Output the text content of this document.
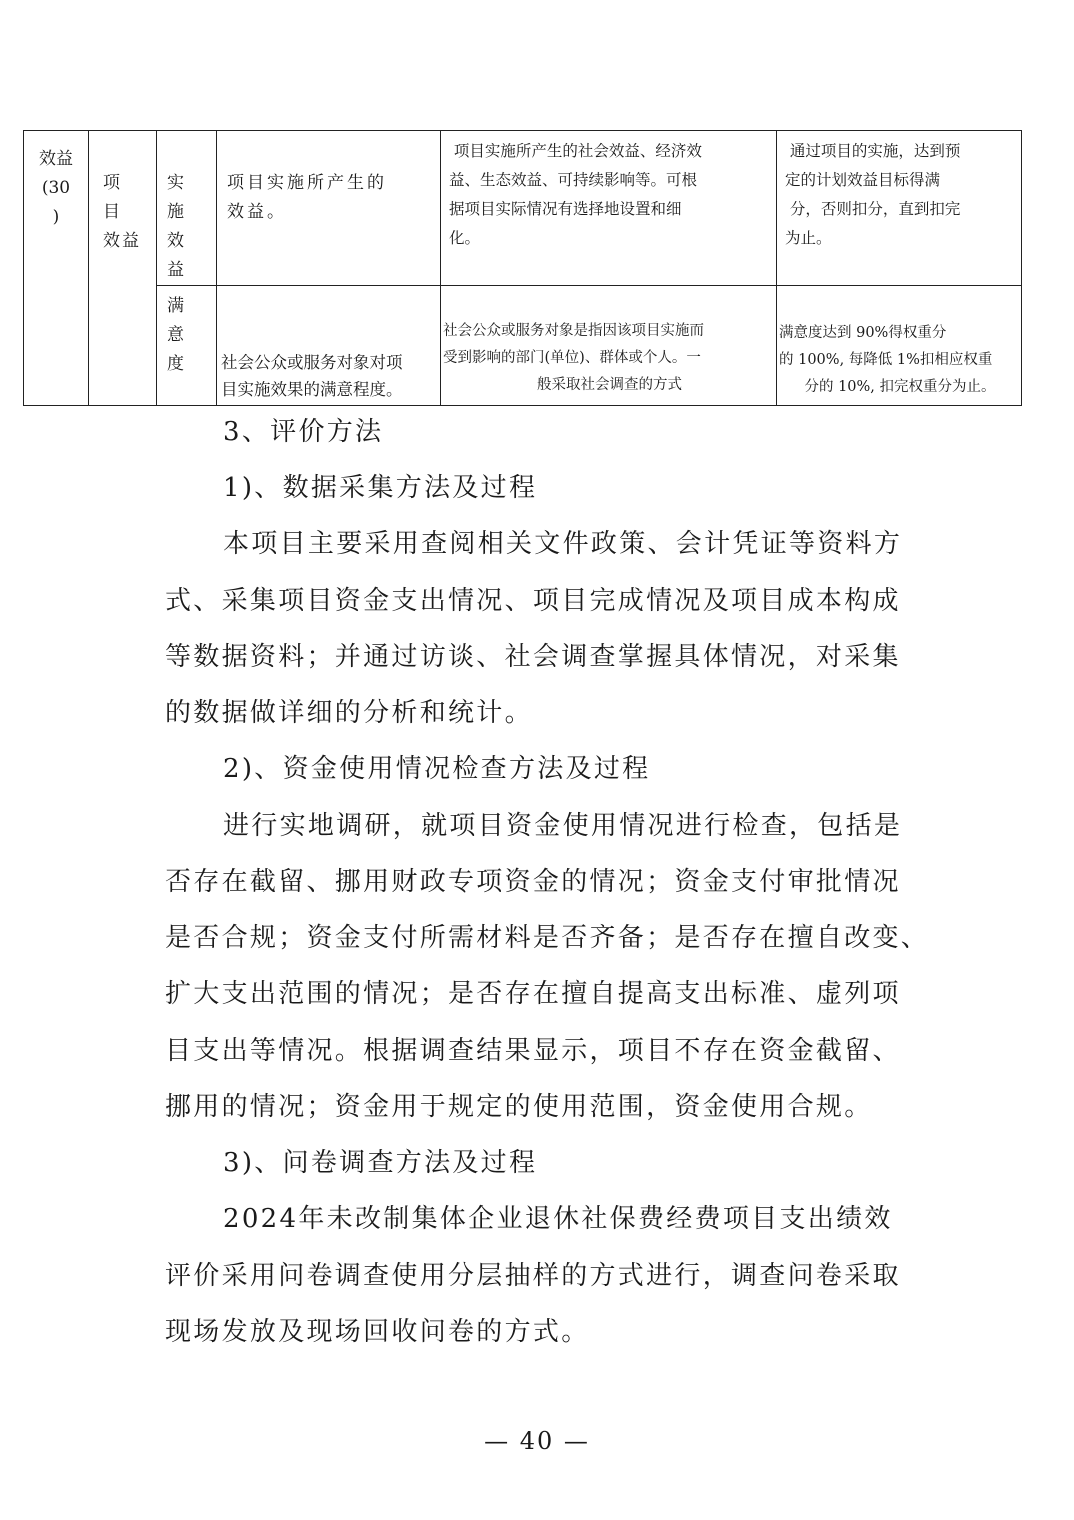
效益
(30
)	项目
效益	实施效益	项目实施所产生的
效益。	项目实施所产生的社会效益、经济效
益、生态效益、可持续影响等。可根
据项目实际情况有选择地设置和细
化。	通过项目的实施，达到预
定的计划效益目标得满
分，否则扣分，直到扣完
为止。

		满意度	社会公众或服务对象对项
目实施效果的满意程度。	社会公众或服务对象是指因该项目实施而
受到影响的部门(单位)、群体或个人。一
般采取社会调查的方式	满意度达到 90%得权重分
的 100%, 每降低 1%扣相应权重
分的 10%, 扣完权重分为止。
3、评价方法
1)、数据采集方法及过程
本项目主要采用查阅相关文件政策、会计凭证等资料方
式、采集项目资金支出情况、项目完成情况及项目成本构成
等数据资料；并通过访谈、社会调查掌握具体情况，对采集
的数据做详细的分析和统计。
2)、资金使用情况检查方法及过程
进行实地调研，就项目资金使用情况进行检查，包括是
否存在截留、挪用财政专项资金的情况；资金支付审批情况
是否合规；资金支付所需材料是否齐备；是否存在擅自改变、
扩大支出范围的情况；是否存在擅自提高支出标准、虚列项
目支出等情况。根据调查结果显示，项目不存在资金截留、
挪用的情况；资金用于规定的使用范围，资金使用合规。
3)、问卷调查方法及过程
2024年未改制集体企业退休社保费经费项目支出绩效
评价采用问卷调查使用分层抽样的方式进行，调查问卷采取
现场发放及现场回收问卷的方式。
— 40 —
